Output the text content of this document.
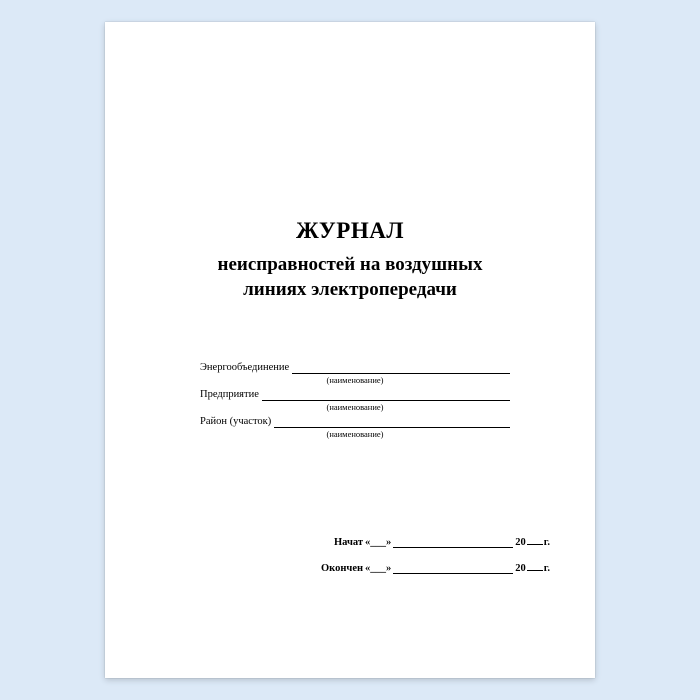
ЖУРНАЛ
неисправностей на воздушных
линиях электропередачи
Энергообъединение
(наименование)
Предприятие
(наименование)
Район (участок)
(наименование)
Начат «___»	20 г.
Окончен «___»	20 г.
